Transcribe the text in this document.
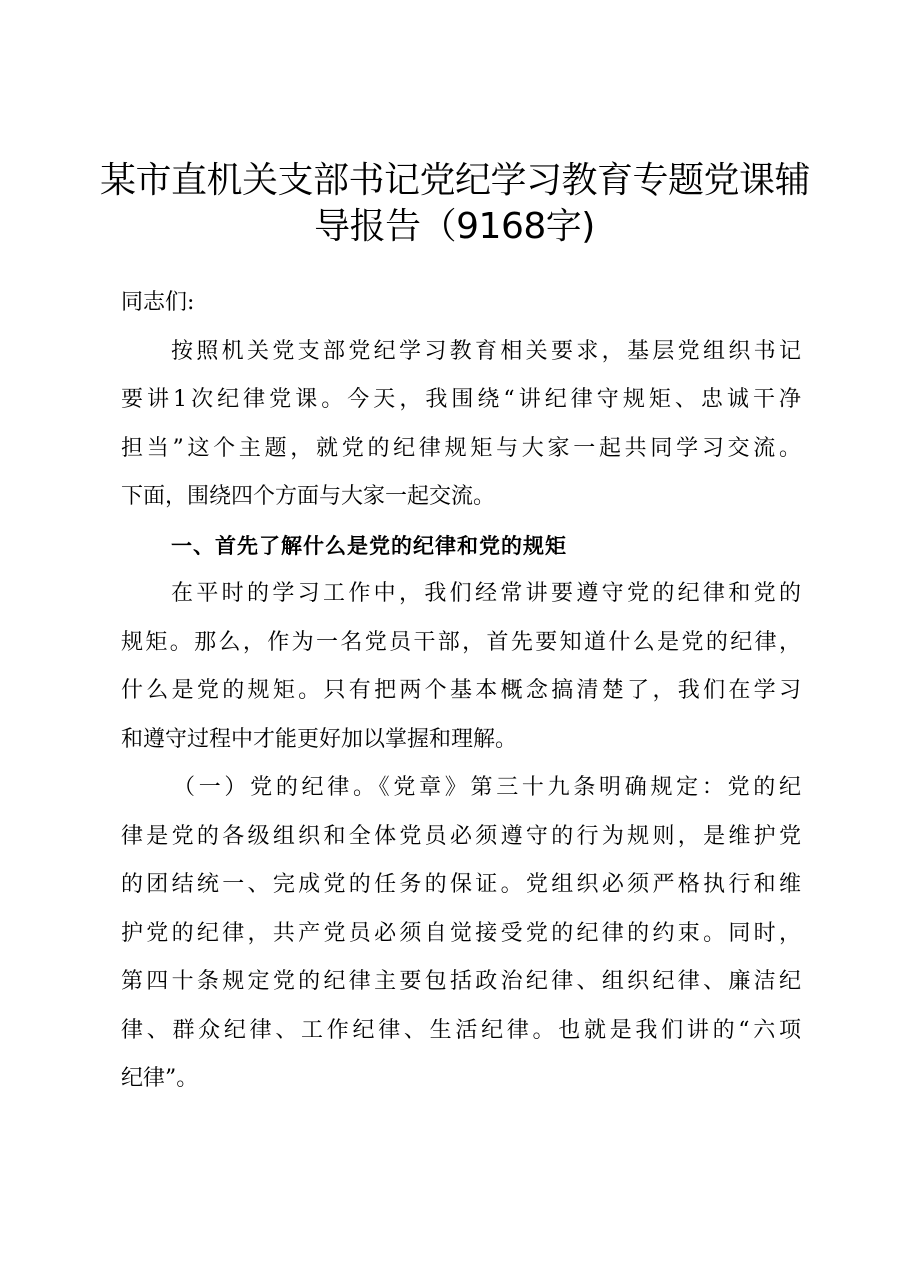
某市直机关支部书记党纪学习教育专题党课辅
导报告（9168字)
同志们:
按照机关党支部党纪学习教育相关要求，基层党组织书记
要讲1次纪律党课。今天，我围绕“讲纪律守规矩、忠诚干净
担当”这个主题，就党的纪律规矩与大家一起共同学习交流。
下面，围绕四个方面与大家一起交流。
一、首先了解什么是党的纪律和党的规矩
在平时的学习工作中，我们经常讲要遵守党的纪律和党的
规矩。那么，作为一名党员干部，首先要知道什么是党的纪律，
什么是党的规矩。只有把两个基本概念搞清楚了，我们在学习
和遵守过程中才能更好加以掌握和理解。
（一）党的纪律。《党章》第三十九条明确规定：党的纪
律是党的各级组织和全体党员必须遵守的行为规则，是维护党
的团结统一、完成党的任务的保证。党组织必须严格执行和维
护党的纪律，共产党员必须自觉接受党的纪律的约束。同时，
第四十条规定党的纪律主要包括政治纪律、组织纪律、廉洁纪
律、群众纪律、工作纪律、生活纪律。也就是我们讲的“六项
纪律”。
